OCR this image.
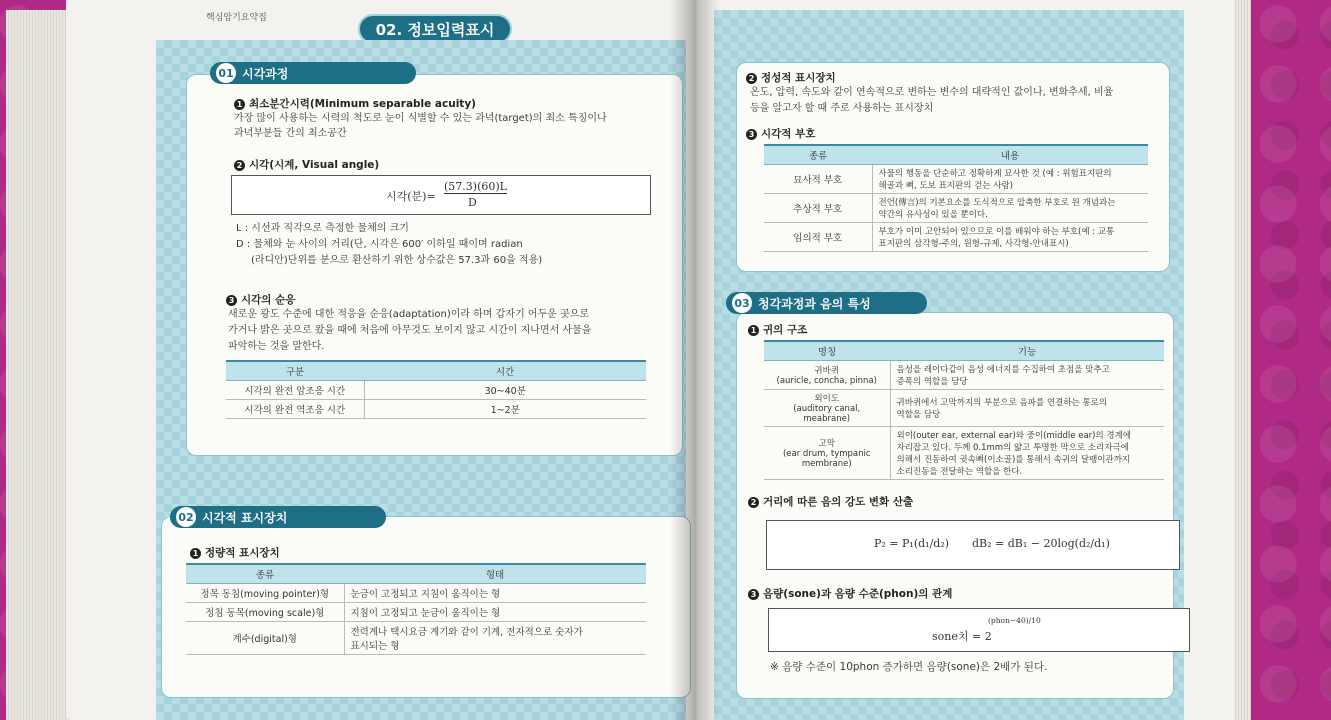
핵심암기요약집
02. 정보입력표시
01 시각과정
1 최소분간시력(Minimum separable acuity)
가장 많이 사용하는 시력의 척도로 눈이 식별할 수 있는 과녁(target)의 최소 특징이나
과녁부분들 간의 최소공간
2 시각(시계, Visual angle)
시각(분)=
(57.3)(60)L
D
L : 시선과 직각으로 측정한 물체의 크기
D : 물체와 눈 사이의 거리(단, 시각은 600′ 이하일 때이며 radian
(라디안)단위를 분으로 환산하기 위한 상수값은 57.3과 60을 적용)
3 시각의 순응
새로운 광도 수준에 대한 적응을 순응(adaptation)이라 하며 갑자기 어두운 곳으로
가거나 밝은 곳으로 왔을 때에 처음에 아무것도 보이지 않고 시간이 지나면서 사물을
파악하는 것을 말한다.
구분	시간
시각의 완전 암조응 시간	30~40분
시각의 완전 역조응 시간	1~2분
02 시각적 표시장치
1 정량적 표시장치
종류	형태
정목 동침(moving pointer)형	눈금이 고정되고 지침이 움직이는 형
정침 동목(moving scale)형	지침이 고정되고 눈금이 움직이는 형
계수(digital)형	전력계나 택시요금 계기와 같이 기계, 전자적으로 숫자가
표시되는 형
2 정성적 표시장치
온도, 압력, 속도와 같이 연속적으로 변하는 변수의 대략적인 값이나, 변화추세, 비율
등을 알고자 할 때 주로 사용하는 표시장치
3 시각적 부호
종류	내용
묘사적 부호	사물의 행동을 단순하고 정확하게 묘사한 것 (예 : 위험표지판의
해골과 뼈, 도보 표지판의 걷는 사람)
추상적 부호	전언(傳言)의 기본요소를 도식적으로 압축한 부호로 원 개념과는
약간의 유사성이 있을 뿐이다.
임의적 부호	부호가 이미 고안되어 있으므로 이를 배워야 하는 부호(예 : 교통
표지판의 삼각형-주의, 원형-규제, 사각형-안내표시)
03 청각과정과 음의 특성
1 귀의 구조
명칭	기능
귀바퀴
(auricle, concha, pinna)	음성을 레이다같이 음성 에너지를 수집하여 초점을 맞추고
증폭의 역할을 담당
외이도
(auditory canal, meabrane)	귀바퀴에서 고막까지의 부분으로 음파를 연결하는 통로의
역할을 담당
고막
(ear drum, tympanic
membrane)	외이(outer ear, external ear)와 중이(middle ear)의 경계에
자리잡고 있다. 두께 0.1mm의 얇고 투명한 막으로 소리자극에
의해서 진동하여 귓속뼈(이소골)를 통해서 속귀의 달팽이관까지
소리진동을 전달하는 역할을 한다.
2 거리에 따른 음의 강도 변화 산출
P₂ = P₁(d₁/d₂) dB₂ = dB₁ − 20log(d₂/d₁)
3 음량(sone)과 음량 수준(phon)의 관계
sone치 = 2
(phon−40)/10
※ 음량 수준이 10phon 증가하면 음량(sone)은 2배가 된다.
